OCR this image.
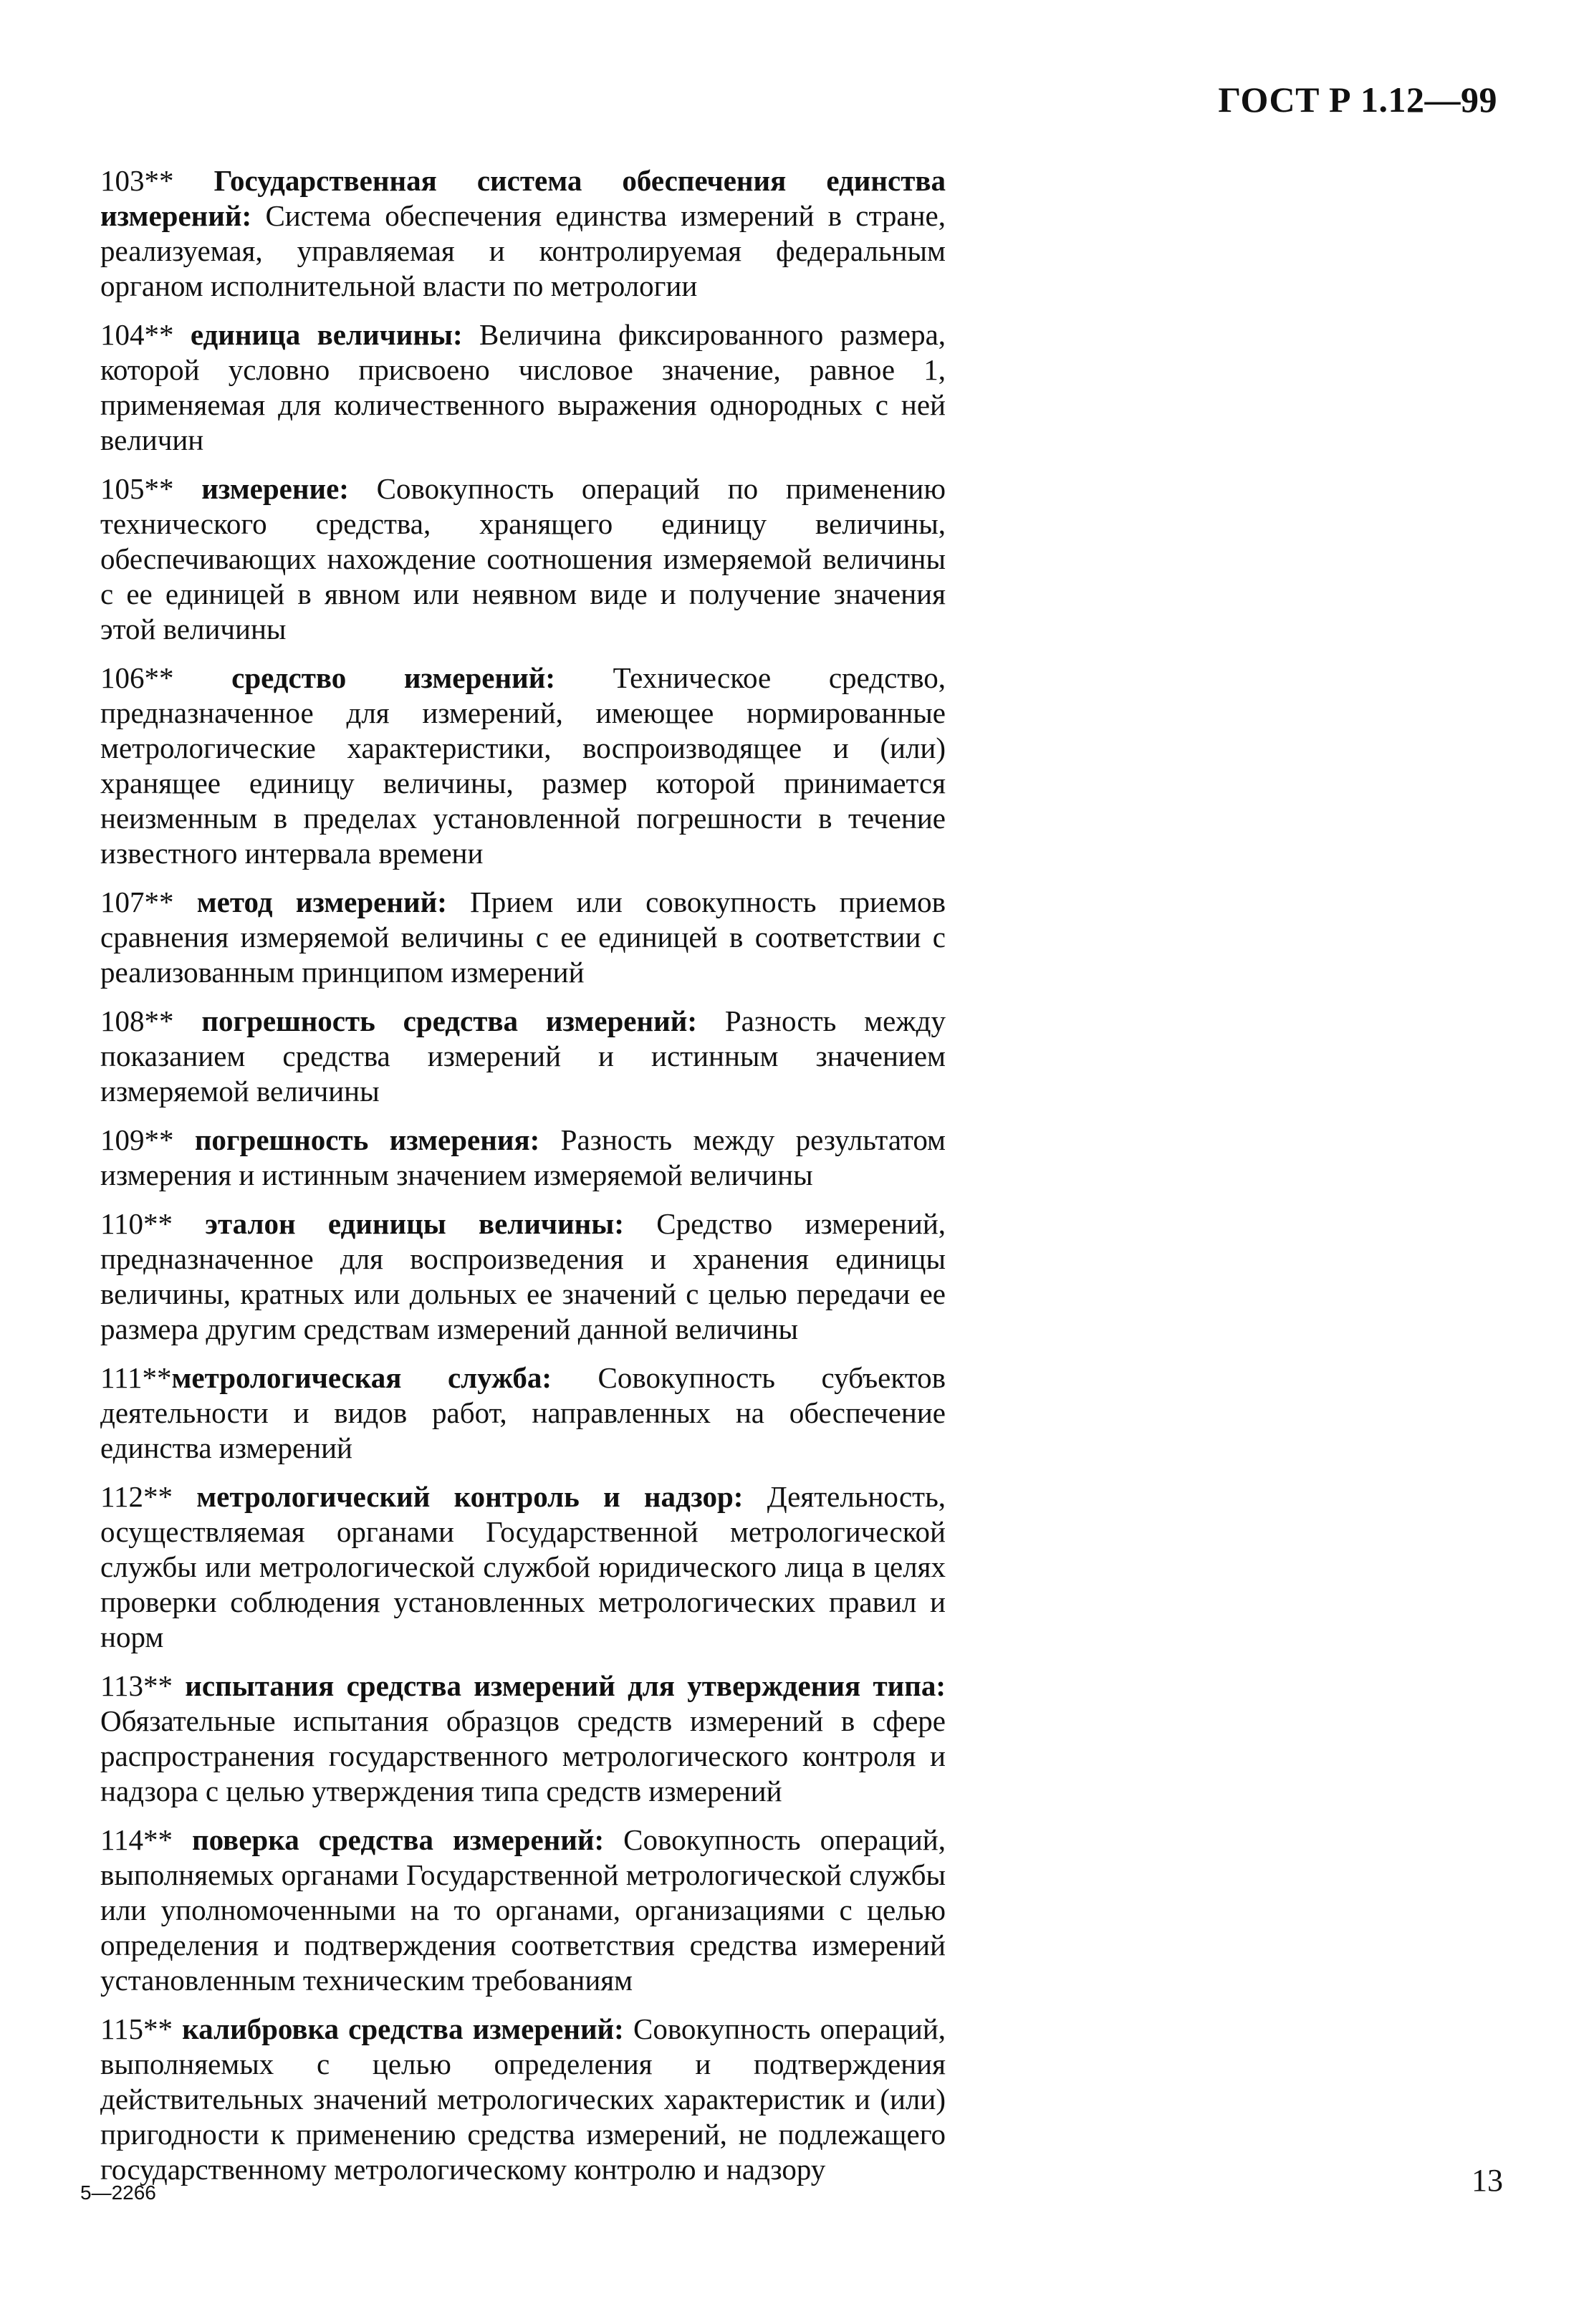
ГОСТ Р 1.12—99

103** Государственная система обеспечения единства измерений: Система обеспечения единства измерений в стране, реализуемая, управляемая и контролируемая федеральным органом исполнительной власти по метрологии

104** единица величины: Величина фиксированного размера, которой условно присвоено числовое значение, равное 1, применяемая для количественного выражения однородных с ней величин

105** измерение: Совокупность операций по применению технического средства, хранящего единицу величины, обеспечивающих нахождение соотношения измеряемой величины с ее единицей в явном или неявном виде и получение значения этой величины

106** средство измерений: Техническое средство, предназначенное для измерений, имеющее нормированные метрологические характеристики, воспроизводящее и (или) хранящее единицу величины, размер которой принимается неизменным в пределах установленной погрешности в течение известного интервала времени

107** метод измерений: Прием или совокупность приемов сравнения измеряемой величины с ее единицей в соответствии с реализованным принципом измерений

108** погрешность средства измерений: Разность между показанием средства измерений и истинным значением измеряемой величины

109** погрешность измерения: Разность между результатом измерения и истинным значением измеряемой величины

110** эталон единицы величины: Средство измерений, предназначенное для воспроизведения и хранения единицы величины, кратных или дольных ее значений с целью передачи ее размера другим средствам измерений данной величины

111**метрологическая служба: Совокупность субъектов деятельности и видов работ, направленных на обеспечение единства измерений

112** метрологический контроль и надзор: Деятельность, осуществляемая органами Государственной метрологической службы или метрологической службой юридического лица в целях проверки соблюдения установленных метрологических правил и норм

113** испытания средства измерений для утверждения типа: Обязательные испытания образцов средств измерений в сфере распространения государственного метрологического контроля и надзора с целью утверждения типа средств измерений

114** поверка средства измерений: Совокупность операций, выполняемых органами Государственной метрологической службы или уполномоченными на то органами, организациями с целью определения и подтверждения соответствия средства измерений установленным техническим требованиям

115** калибровка средства измерений: Совокупность операций, выполняемых с целью определения и подтверждения действительных значений метрологических характеристик и (или) пригодности к применению средства измерений, не подлежащего государственному метрологическому контролю и надзору

5—2266	13
